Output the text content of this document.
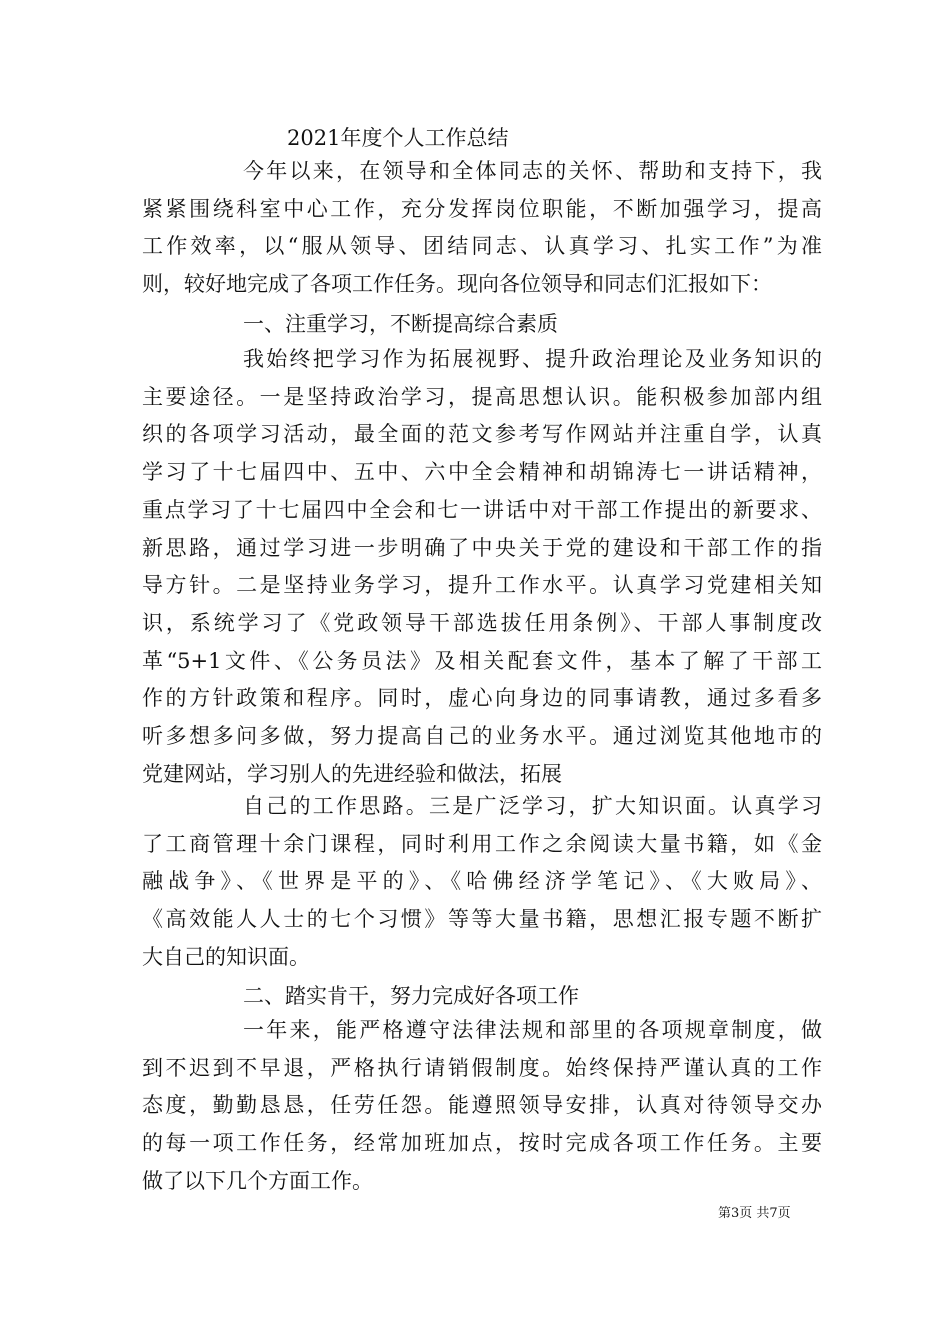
2021年度个人工作总结
今年以来，在领导和全体同志的关怀、帮助和支持下，我
紧紧围绕科室中心工作，充分发挥岗位职能，不断加强学习，提高
工作效率，以“服从领导、团结同志、认真学习、扎实工作”为准
则，较好地完成了各项工作任务。现向各位领导和同志们汇报如下：
一、注重学习，不断提高综合素质
我始终把学习作为拓展视野、提升政治理论及业务知识的
主要途径。一是坚持政治学习，提高思想认识。能积极参加部内组
织的各项学习活动，最全面的范文参考写作网站并注重自学，认真
学习了十七届四中、五中、六中全会精神和胡锦涛七一讲话精神，
重点学习了十七届四中全会和七一讲话中对干部工作提出的新要求、
新思路，通过学习进一步明确了中央关于党的建设和干部工作的指
导方针。二是坚持业务学习，提升工作水平。认真学习党建相关知
识，系统学习了《党政领导干部选拔任用条例》、干部人事制度改
革“5+1文件、《公务员法》及相关配套文件，基本了解了干部工
作的方针政策和程序。同时，虚心向身边的同事请教，通过多看多
听多想多问多做，努力提高自己的业务水平。通过浏览其他地市的
党建网站，学习别人的先进经验和做法，拓展
自己的工作思路。三是广泛学习，扩大知识面。认真学习
了工商管理十余门课程，同时利用工作之余阅读大量书籍，如《金
融战争》、《世界是平的》、《哈佛经济学笔记》、《大败局》、
《高效能人人士的七个习惯》等等大量书籍，思想汇报专题不断扩
大自己的知识面。
二、踏实肯干，努力完成好各项工作
一年来，能严格遵守法律法规和部里的各项规章制度，做
到不迟到不早退，严格执行请销假制度。始终保持严谨认真的工作
态度，勤勤恳恳，任劳任怨。能遵照领导安排，认真对待领导交办
的每一项工作任务，经常加班加点，按时完成各项工作任务。主要
做了以下几个方面工作。
第3页 共7页
